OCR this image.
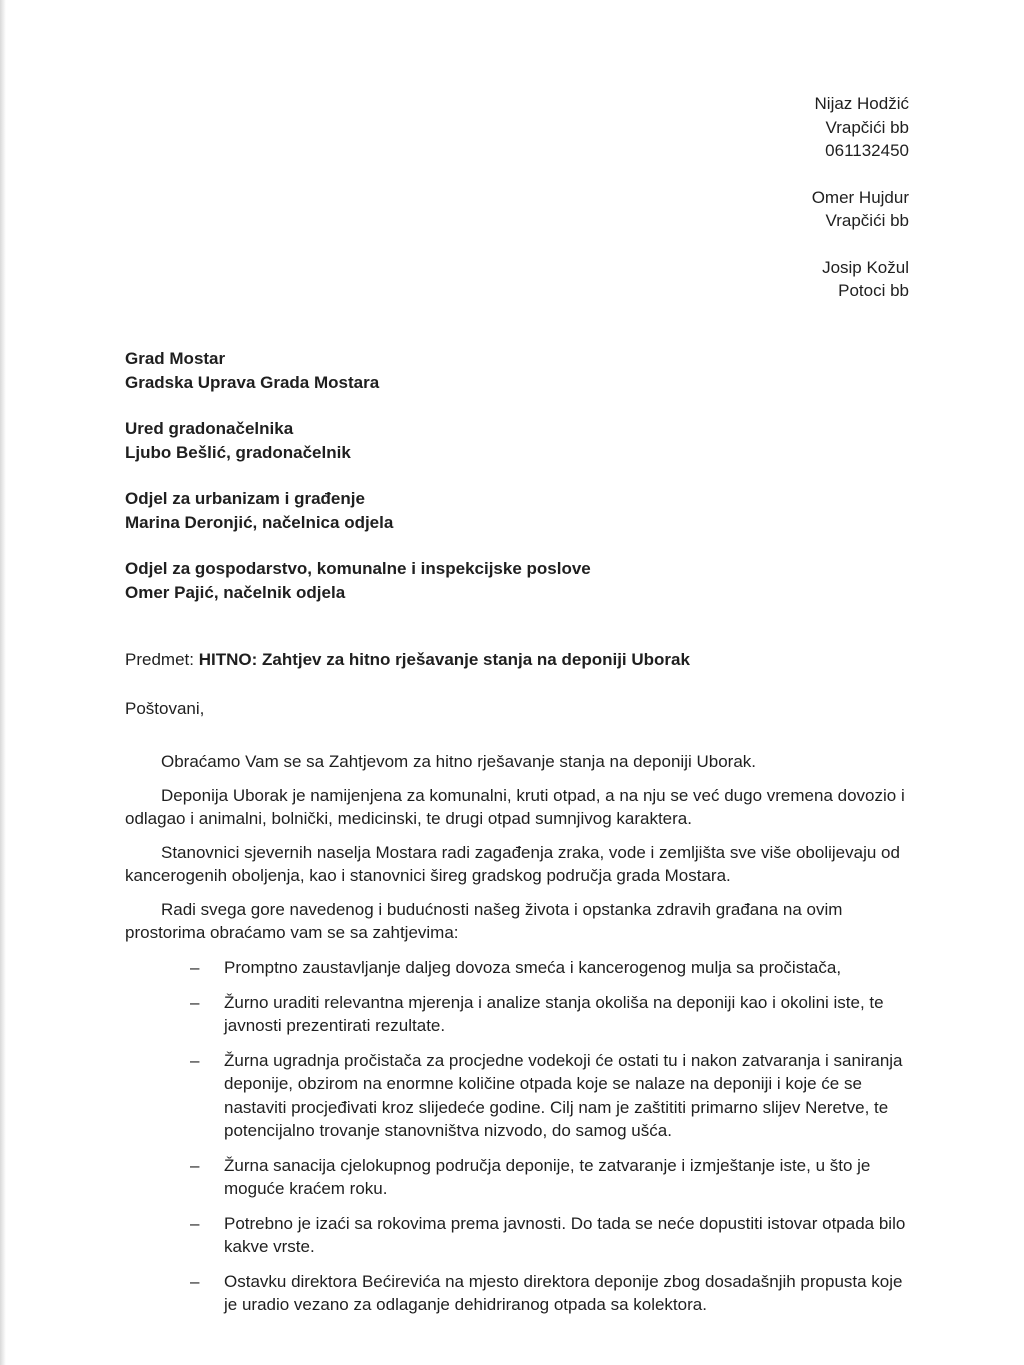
Nijaz Hodžić
Vrapčići bb
061132450
Omer Hujdur
Vrapčići bb
Josip Kožul
Potoci bb
Grad Mostar
Gradska Uprava Grada Mostara
Ured gradonačelnika
Ljubo Bešlić, gradonačelnik
Odjel za urbanizam i građenje
Marina Deronjić, načelnica odjela
Odjel za gospodarstvo, komunalne i inspekcijske poslove
Omer Pajić, načelnik odjela
Predmet: HITNO: Zahtjev za hitno rješavanje stanja na deponiji Uborak
Poštovani,

Obraćamo Vam se sa Zahtjevom za hitno rješavanje stanja na deponiji Uborak.

Deponija Uborak je namijenjena za komunalni, kruti otpad, a na nju se već dugo vremena dovozio i odlagao i animalni, bolnički, medicinski, te drugi otpad sumnjivog karaktera.

Stanovnici sjevernih naselja Mostara radi zagađenja zraka, vode i zemljišta sve više obolijevaju od kancerogenih oboljenja, kao i stanovnici šireg gradskog područja grada Mostara.

Radi svega gore navedenog i budućnosti našeg života i opstanka zdravih građana na ovim prostorima obraćamo vam se sa zahtjevima:

– Promptno zaustavljanje daljeg dovoza smeća i kancerogenog mulja sa pročistača,
– Žurno uraditi relevantna mjerenja i analize stanja okoliša na deponiji kao i okolini iste, te javnosti prezentirati rezultate.
– Žurna ugradnja pročistača za procjedne vodekoji će ostati tu i nakon zatvaranja i saniranja deponije, obzirom na enormne količine otpada koje se nalaze na deponiji i koje će se nastaviti procjeđivati kroz slijedeće godine. Cilj nam je zaštititi primarno slijev Neretve, te potencijalno trovanje stanovništva nizvodo, do samog ušća.
– Žurna sanacija cjelokupnog područja deponije, te zatvaranje i izmještanje iste, u što je moguće kraćem roku.
– Potrebno je izaći sa rokovima prema javnosti. Do tada se neće dopustiti istovar otpada bilo kakve vrste.
– Ostavku direktora Bećirevića na mjesto direktora deponije zbog dosadašnjih propusta koje je uradio vezano za odlaganje dehidriranog otpada sa kolektora.
